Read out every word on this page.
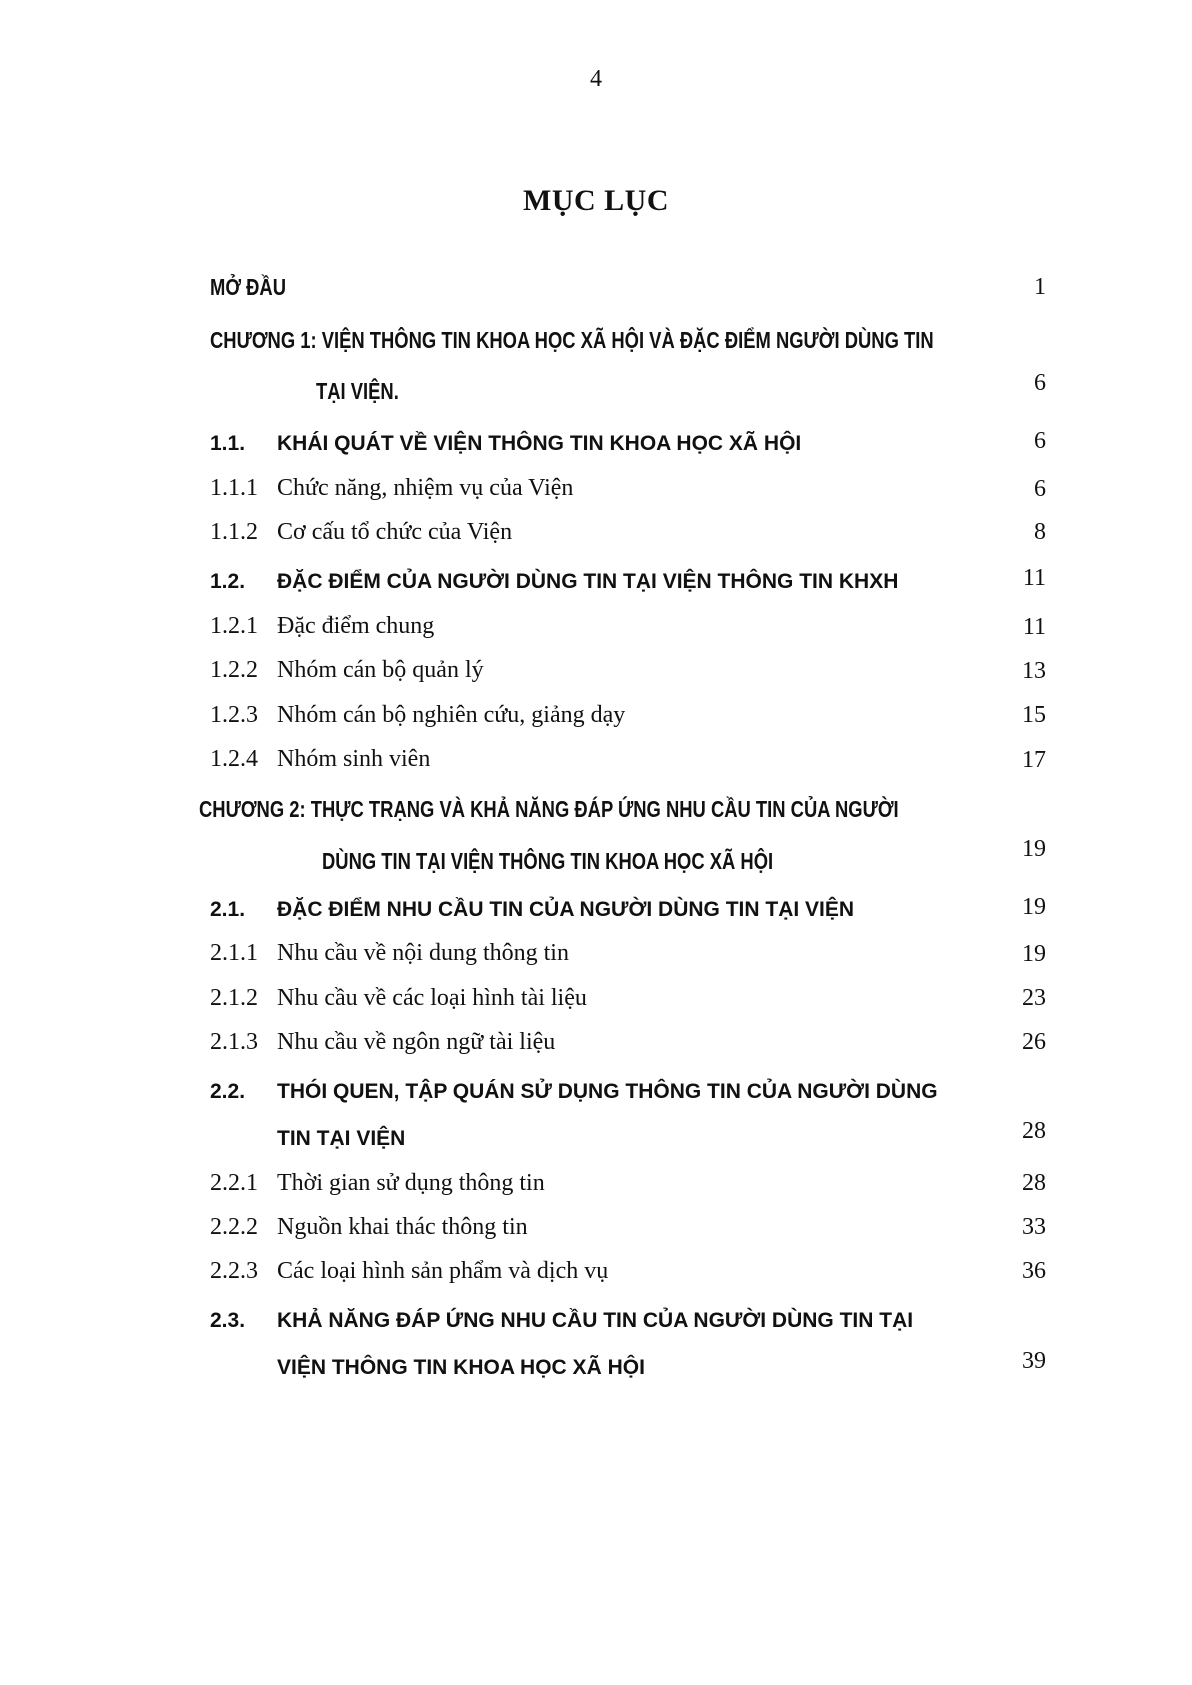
4
MỤC LỤC
MỞ ĐẦU	1
CHƯƠNG 1: VIỆN THÔNG TIN KHOA HỌC XÃ HỘI VÀ ĐẶC ĐIỂM NGƯỜI DÙNG TIN
TẠI VIỆN.	6
1.1. KHÁI QUÁT VỀ VIỆN THÔNG TIN KHOA HỌC XÃ HỘI	6
1.1.1 Chức năng, nhiệm vụ của Viện	6
1.1.2 Cơ cấu tổ chức của Viện	8
1.2. ĐẶC ĐIỂM CỦA NGƯỜI DÙNG TIN TẠI VIỆN THÔNG TIN KHXH	11
1.2.1 Đặc điểm chung	11
1.2.2 Nhóm cán bộ quản lý	13
1.2.3 Nhóm cán bộ nghiên cứu, giảng dạy	15
1.2.4 Nhóm sinh viên	17
CHƯƠNG 2: THỰC TRẠNG VÀ KHẢ NĂNG ĐÁP ỨNG NHU CẦU TIN CỦA NGƯỜI
DÙNG TIN TẠI VIỆN THÔNG TIN KHOA HỌC XÃ HỘI	19
2.1. ĐẶC ĐIỂM NHU CẦU TIN CỦA NGƯỜI DÙNG TIN TẠI VIỆN	19
2.1.1 Nhu cầu về nội dung thông tin	19
2.1.2 Nhu cầu về các loại hình tài liệu	23
2.1.3 Nhu cầu về ngôn ngữ tài liệu	26
2.2. THÓI QUEN, TẬP QUÁN SỬ DỤNG THÔNG TIN CỦA NGƯỜI DÙNG
TIN TẠI VIỆN	28
2.2.1 Thời gian sử dụng thông tin	28
2.2.2 Nguồn khai thác thông tin	33
2.2.3 Các loại hình sản phẩm và dịch vụ	36
2.3. KHẢ NĂNG ĐÁP ỨNG NHU CẦU TIN CỦA NGƯỜI DÙNG TIN TẠI
VIỆN THÔNG TIN KHOA HỌC XÃ HỘI	39
